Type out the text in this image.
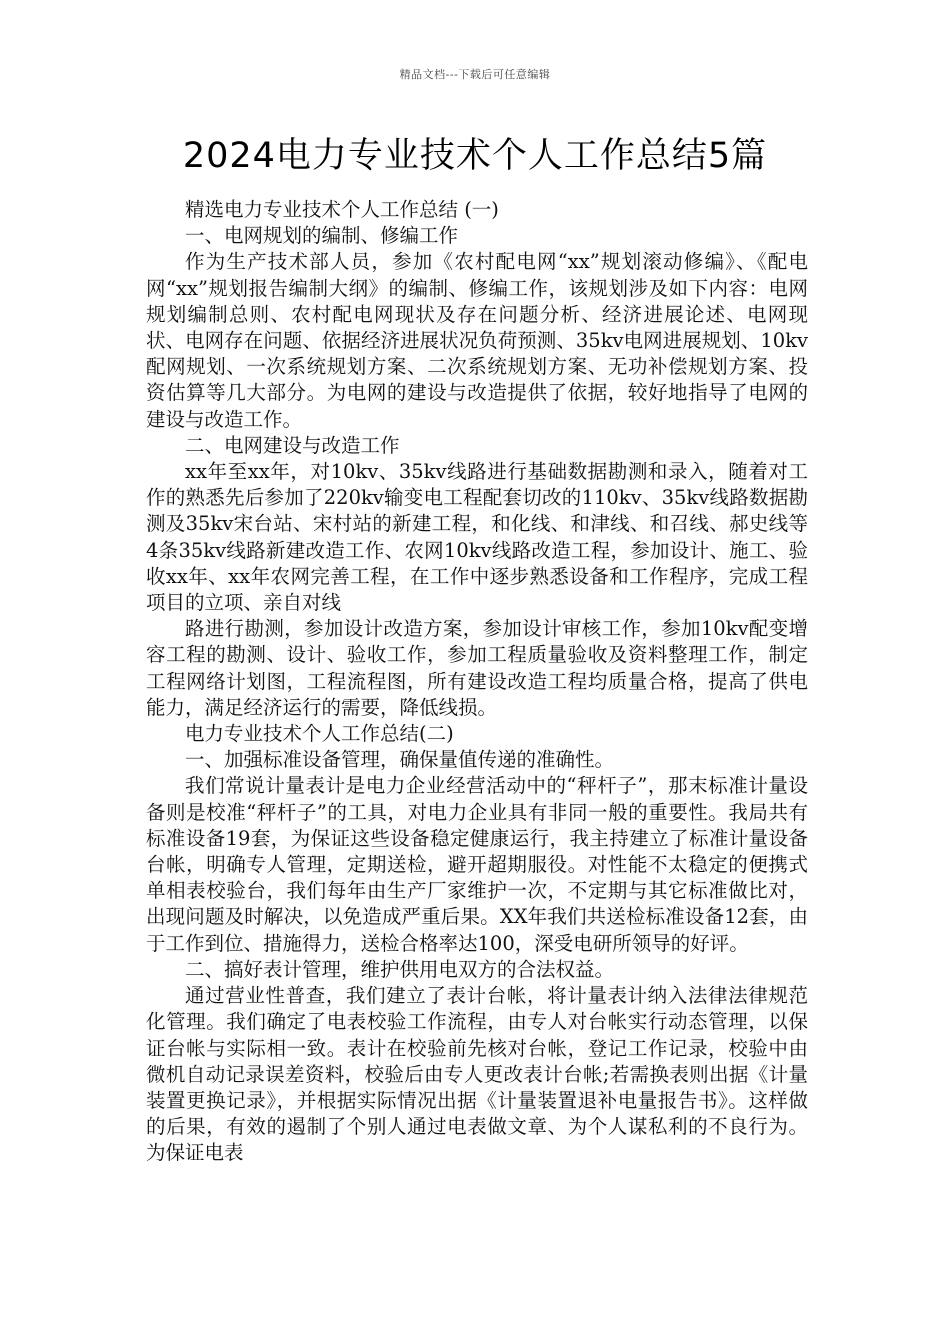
精品文档---下载后可任意编辑
2024电力专业技术个人工作总结5篇

精选电力专业技术个人工作总结 (一)

一、电网规划的编制、修编工作

作为生产技术部人员，参加《农村配电网“xx”规划滚动修编》、《配电网“xx”规划报告编制大纲》的编制、修编工作，该规划涉及如下内容：电网规划编制总则、农村配电网现状及存在问题分析、经济进展论述、电网现状、电网存在问题、依据经济进展状况负荷预测、35kv电网进展规划、10kv配网规划、一次系统规划方案、二次系统规划方案、无功补偿规划方案、投资估算等几大部分。为电网的建设与改造提供了依据，较好地指导了电网的建设与改造工作。

二、电网建设与改造工作

xx年至xx年，对10kv、35kv线路进行基础数据勘测和录入，随着对工作的熟悉先后参加了220kv输变电工程配套切改的110kv、35kv线路数据勘测及35kv宋台站、宋村站的新建工程，和化线、和津线、和召线、郝史线等4条35kv线路新建改造工作、农网10kv线路改造工程，参加设计、施工、验收xx年、xx年农网完善工程，在工作中逐步熟悉设备和工作程序，完成工程项目的立项、亲自对线

路进行勘测，参加设计改造方案，参加设计审核工作，参加10kv配变增容工程的勘测、设计、验收工作，参加工程质量验收及资料整理工作，制定工程网络计划图，工程流程图，所有建设改造工程均质量合格，提高了供电能力，满足经济运行的需要，降低线损。

电力专业技术个人工作总结(二)

一、加强标准设备管理，确保量值传递的准确性。

我们常说计量表计是电力企业经营活动中的“秤杆子”，那末标准计量设备则是校准“秤杆子”的工具，对电力企业具有非同一般的重要性。我局共有标准设备19套，为保证这些设备稳定健康运行，我主持建立了标准计量设备台帐，明确专人管理，定期送检，避开超期服役。对性能不太稳定的便携式单相表校验台，我们每年由生产厂家维护一次，不定期与其它标准做比对，出现问题及时解决，以免造成严重后果。XX年我们共送检标准设备12套，由于工作到位、措施得力，送检合格率达100，深受电研所领导的好评。

二、搞好表计管理，维护供用电双方的合法权益。

通过营业性普查，我们建立了表计台帐，将计量表计纳入法律法律规范化管理。我们确定了电表校验工作流程，由专人对台帐实行动态管理，以保证台帐与实际相一致。表计在校验前先核对台帐，登记工作记录，校验中由微机自动记录误差资料，校验后由专人更改表计台帐;若需换表则出据《计量装置更换记录》，并根据实际情况出据《计量装置退补电量报告书》。这样做的后果，有效的遏制了个别人通过电表做文章、为个人谋私利的不良行为。为保证电表
